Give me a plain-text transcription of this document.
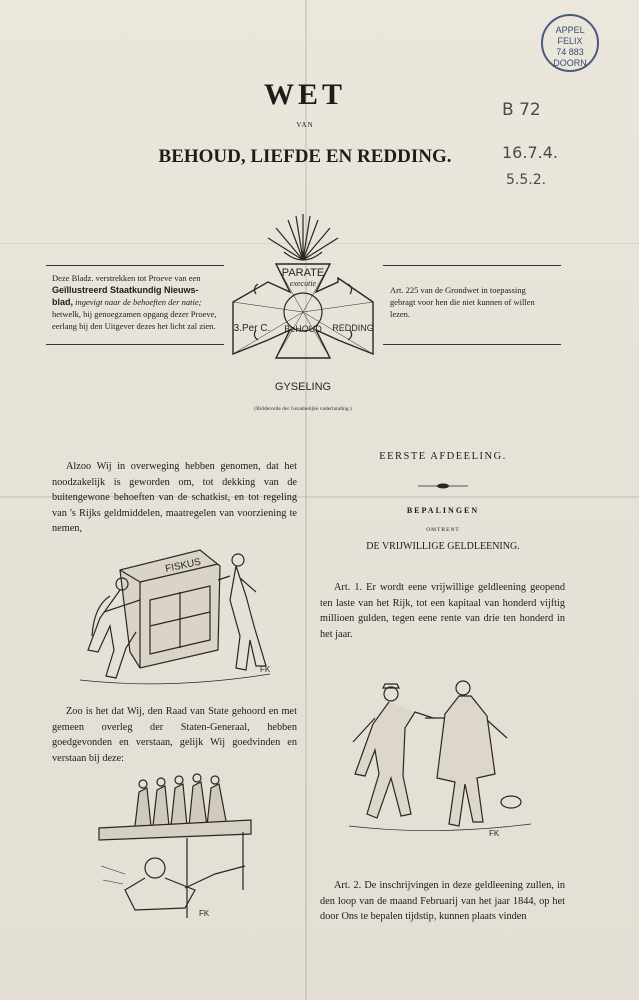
APPEL FELIX
74 883
DOORN
B 72
16.7.4.
5.5.2.
WET
VAN
BEHOUD, LIEFDE EN REDDING.
Deze Bladz. verstrekken tot Proeve van een
Geïllustreerd Staatkundig Nieuws-
blad, ingevigt naar de behoeften der natie;
hetwelk, bij genoegzamen opgang dezer Proeve,
eerlang bij den Uitgever dezes het licht zal zien.
Art. 225 van de Grondwet in toepassing
gebragt voor hen die niet kunnen of willen
lezen.
PARATE
executie
3.Per C. BeHOUD REDDING
GYSELING
(Ridderorde der Gezamelijke vaderlanding.)
Alzoo Wij in overweging hebben genomen, dat het noodzakelijk is geworden om, tot dekking van de buitengewone behoeften van de schatkist, en tot regeling van 's Rijks geldmiddelen, maatregelen van voorziening te nemen,
FISKUS
FK
Zoo is het dat Wij, den Raad van State gehoord en met gemeen overleg der Staten-Generaal, hebben goedgevonden en verstaan, gelijk Wij goedvinden en verstaan bij deze:
FK
EERSTE AFDEELING.
BEPALINGEN
OMTRENT
DE VRIJWILLIGE GELDLEENING.
Art. 1. Er wordt eene vrijwillige geldleening geopend ten laste van het Rijk, tot een kapitaal van honderd vijftig millioen gulden, tegen eene rente van drie ten honderd in het jaar.
FK
Art. 2. De inschrijvingen in deze geldleening zullen, in den loop van de maand Februarij van het jaar 1844, op het door Ons te bepalen tijdstip, kunnen plaats vinden
